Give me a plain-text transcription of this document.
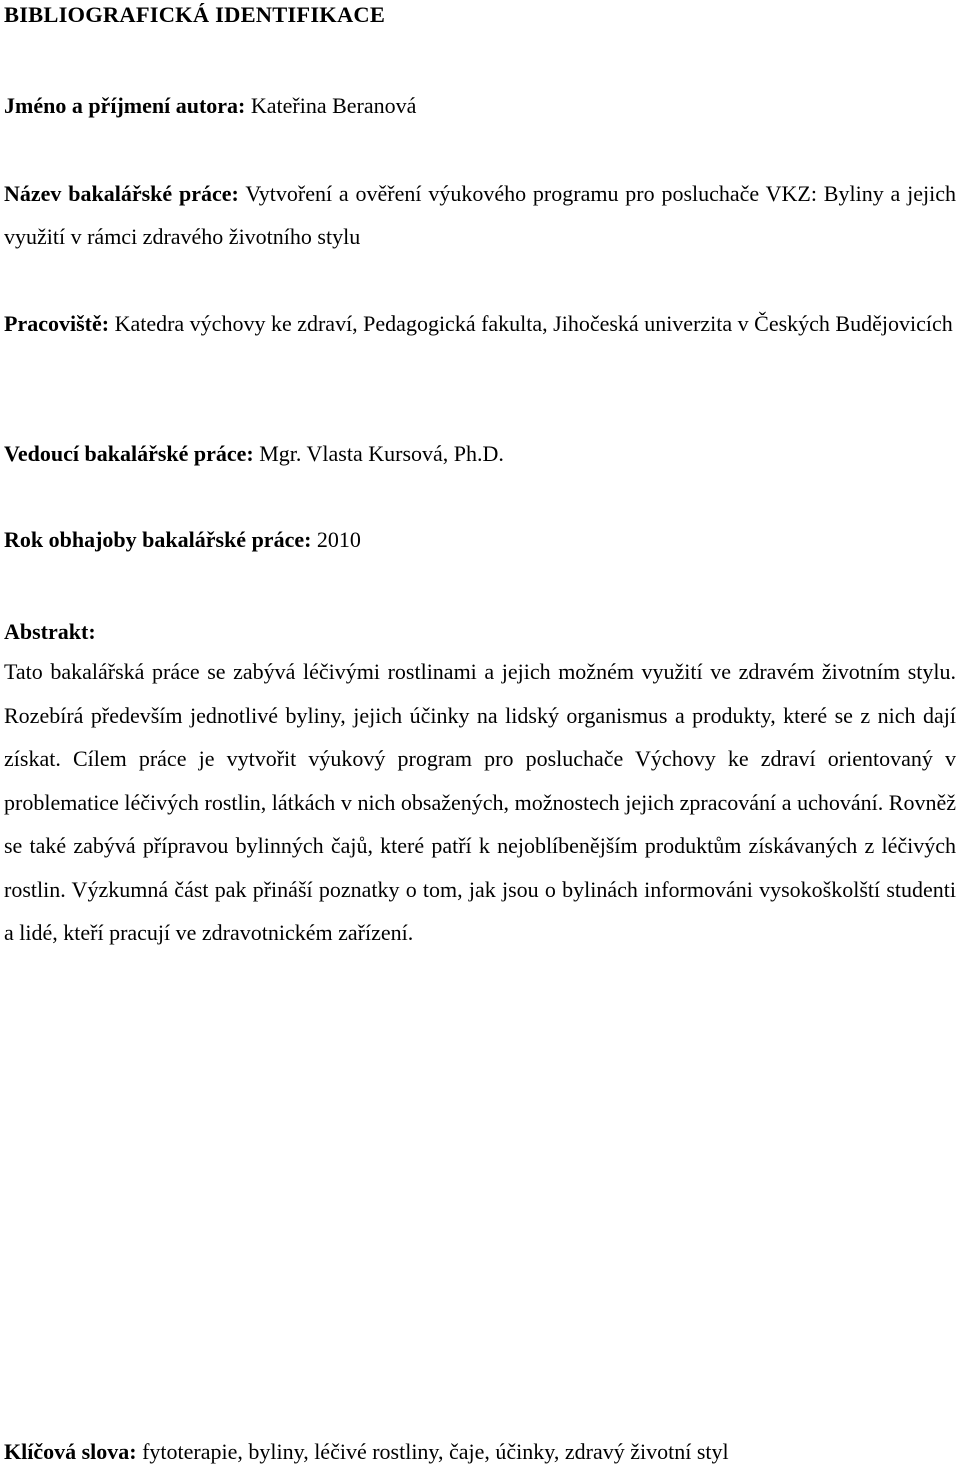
BIBLIOGRAFICKÁ IDENTIFIKACE
Jméno a příjmení autora: Kateřina Beranová
Název bakalářské práce: Vytvoření a ověření výukového programu pro posluchače VKZ: Byliny a jejich využití v rámci zdravého životního stylu
Pracoviště: Katedra výchovy ke zdraví, Pedagogická fakulta, Jihočeská univerzita v Českých Budějovicích
Vedoucí bakalářské práce: Mgr. Vlasta Kursová, Ph.D.
Rok obhajoby bakalářské práce: 2010
Abstrakt:
Tato bakalářská práce se zabývá léčivými rostlinami a jejich možném využití ve zdravém životním stylu. Rozebírá především jednotlivé byliny, jejich účinky na lidský organismus a produkty, které se z nich dají získat. Cílem práce je vytvořit výukový program pro posluchače Výchovy ke zdraví orientovaný v problematice léčivých rostlin, látkách v nich obsažených, možnostech jejich zpracování a uchování. Rovněž se také zabývá přípravou bylinných čajů, které patří k nejoblíbenějším produktům získávaných z léčivých rostlin. Výzkumná část pak přináší poznatky o tom, jak jsou o bylinách informováni vysokoškolští studenti a lidé, kteří pracují ve zdravotnickém zařízení.
Klíčová slova: fytoterapie, byliny, léčivé rostliny, čaje, účinky, zdravý životní styl
